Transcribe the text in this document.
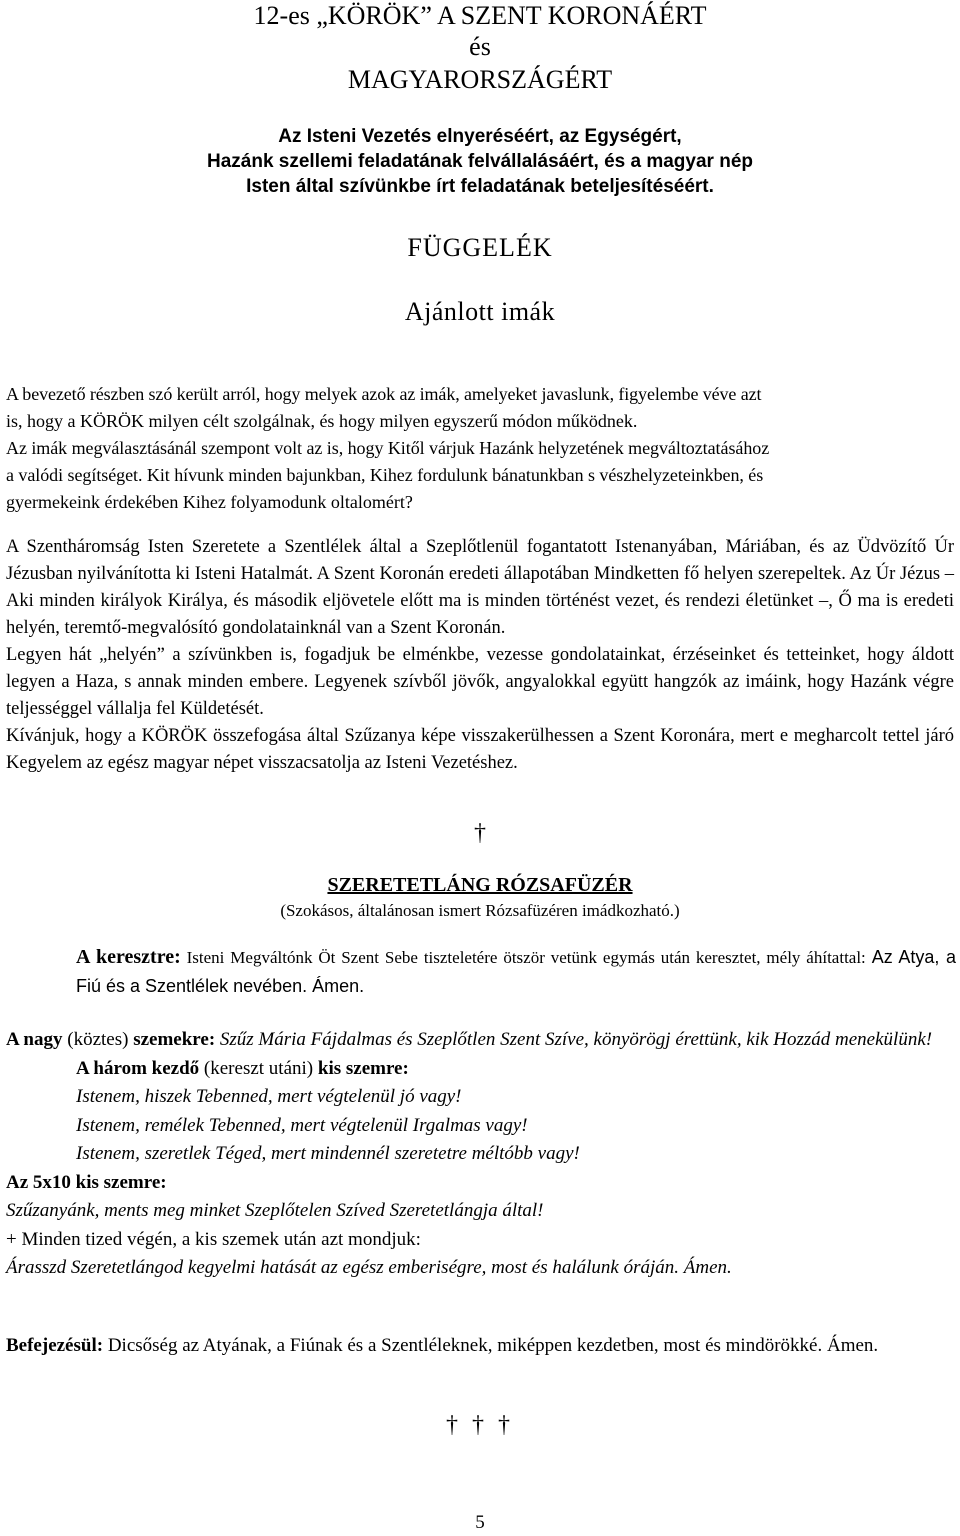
12-es „KÖRÖK” A SZENT KORONÁÉRT
és
MAGYARORSZÁGÉRT
Az Isteni Vezetés elnyeréséért, az Egységért,
Hazánk szellemi feladatának felvállalásáért, és a magyar nép
Isten által szívünkbe írt feladatának beteljesítéséért.
FÜGGELÉK
Ajánlott imák
A bevezető részben szó került arról, hogy melyek azok az imák, amelyeket javaslunk, figyelembe véve azt
is, hogy a KÖRÖK milyen célt szolgálnak, és hogy milyen egyszerű módon működnek.
Az imák megválasztásánál szempont volt az is, hogy Kitől várjuk Hazánk helyzetének megváltoztatásához
a valódi segítséget. Kit hívunk minden bajunkban, Kihez fordulunk bánatunkban s vészhelyzeteinkben, és
gyermekeink érdekében Kihez folyamodunk oltalomért?
A Szentháromság Isten Szeretete a Szentlélek által a Szeplőtlenül fogantatott Istenanyában, Máriában, és az Üdvözítő Úr Jézusban nyilvánította ki Isteni Hatalmát. A Szent Koronán eredeti állapotában Mindketten fő helyen szerepeltek. Az Úr Jézus – Aki minden királyok Királya, és második eljövetele előtt ma is minden történést vezet, és rendezi életünket –, Ő ma is eredeti helyén, teremtő-megvalósító gondolatainknál van a Szent Koronán.
Legyen hát „helyén” a szívünkben is, fogadjuk be elménkbe, vezesse gondolatainkat, érzéseinket és tetteinket, hogy áldott legyen a Haza, s annak minden embere. Legyenek szívből jövők, angyalokkal együtt hangzók az imáink, hogy Hazánk végre teljességgel vállalja fel Küldetését.
Kívánjuk, hogy a KÖRÖK összefogása által Szűzanya képe visszakerülhessen a Szent Koronára, mert e megharcolt tettel járó Kegyelem az egész magyar népet visszacsatolja az Isteni Vezetéshez.
†
SZERETETLÁNG RÓZSAFÜZÉR
(Szokásos, általánosan ismert Rózsafüzéren imádkozható.)
A keresztre: Isteni Megváltónk Öt Szent Sebe tiszteletére ötször vetünk egymás után keresztet, mély áhítattal: Az Atya, a Fiú és a Szentlélek nevében. Ámen.
A nagy (köztes) szemekre: Szűz Mária Fájdalmas és Szeplőtlen Szent Szíve, könyörögj érettünk, kik Hozzád menekülünk!
A három kezdő (kereszt utáni) kis szemre:
Istenem, hiszek Tebenned, mert végtelenül jó vagy!
Istenem, remélek Tebenned, mert végtelenül Irgalmas vagy!
Istenem, szeretlek Téged, mert mindennél szeretetre méltóbb vagy!
Az 5x10 kis szemre:
Szűzanyánk, ments meg minket Szeplőtelen Szíved Szeretetlángja által!
+ Minden tized végén, a kis szemek után azt mondjuk:
Árasszd Szeretetlángod kegyelmi hatását az egész emberiségre, most és halálunk óráján. Ámen.
Befejezésül: Dicsőség az Atyának, a Fiúnak és a Szentléleknek, miképpen kezdetben, most és mindörökké. Ámen.
† † †
5
